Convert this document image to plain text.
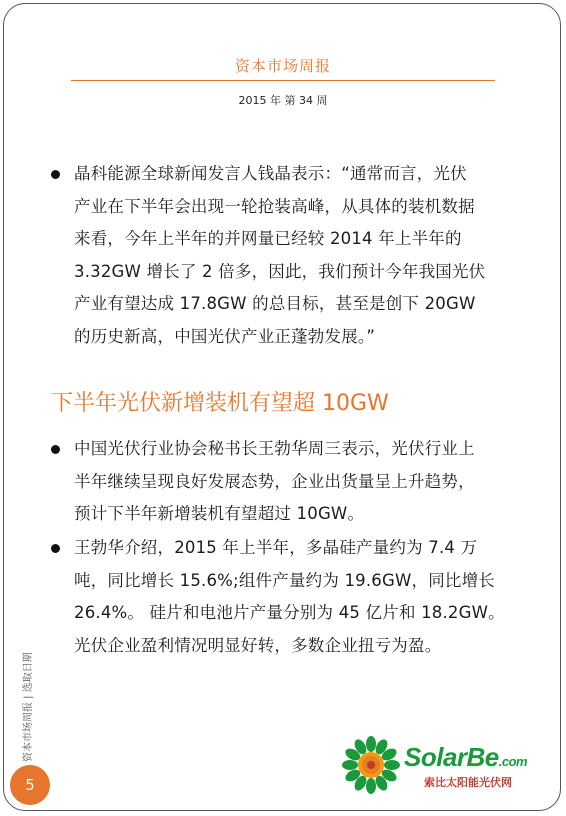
资本市场周报
2015 年 第 34 周
晶科能源全球新闻发言人钱晶表示：“通常而言，光伏
产业在下半年会出现一轮抢装高峰，从具体的装机数据
来看，今年上半年的并网量已经较 2014 年上半年的
3.32GW 增长了 2 倍多，因此，我们预计今年我国光伏
产业有望达成 17.8GW 的总目标，甚至是创下 20GW
的历史新高，中国光伏产业正蓬勃发展。”
下半年光伏新增装机有望超 10GW
中国光伏行业协会秘书长王勃华周三表示，光伏行业上
半年继续呈现良好发展态势，企业出货量呈上升趋势，
预计下半年新增装机有望超过 10GW。
王勃华介绍，2015 年上半年，多晶硅产量约为 7.4 万
吨，同比增长 15.6%;组件产量约为 19.6GW，同比增长
26.4%。 硅片和电池片产量分别为 45 亿片和 18.2GW。
光伏企业盈利情况明显好转，多数企业扭亏为盈。
资本市场周报 | 选取日期
5
SolarBe.com
索比太阳能光伏网
